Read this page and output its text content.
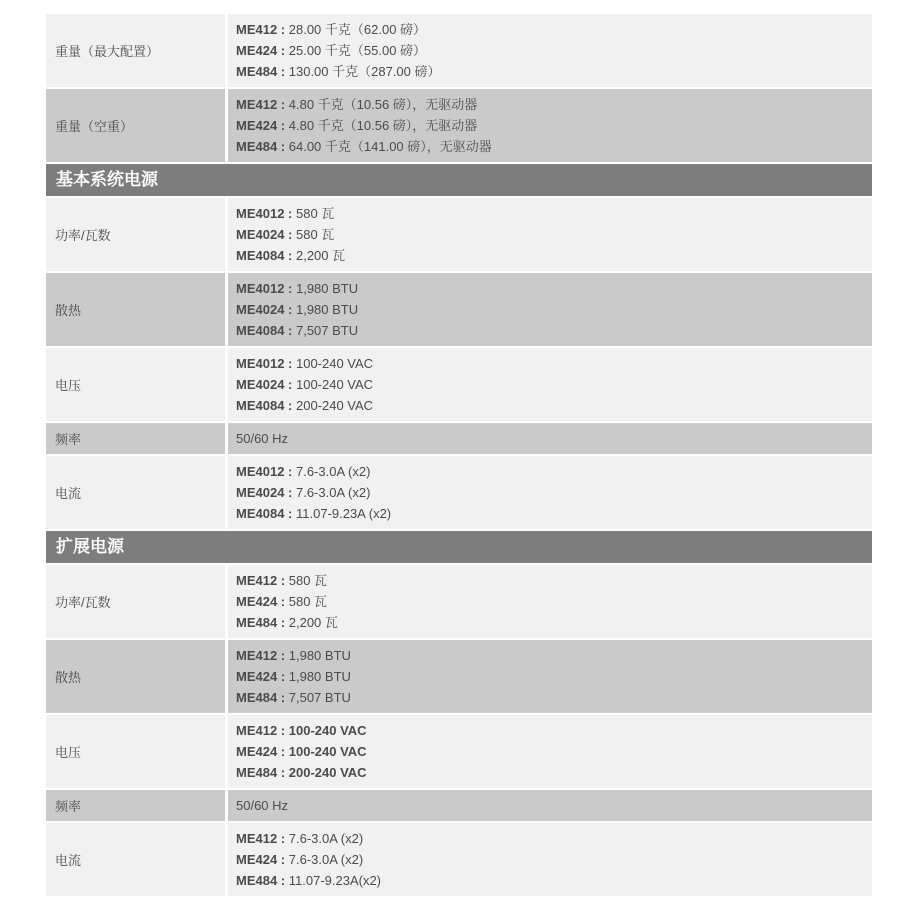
重量（最大配置）
ME412 : 28.00 千克（62.00 磅）
ME424 : 25.00 千克（55.00 磅）
ME484 : 130.00 千克（287.00 磅）
重量（空重）
ME412 : 4.80 千克（10.56 磅），无驱动器
ME424 : 4.80 千克（10.56 磅），无驱动器
ME484 : 64.00 千克（141.00 磅），无驱动器
基本系统电源
功率/瓦数
ME4012 : 580 瓦
ME4024 : 580 瓦
ME4084 : 2,200 瓦
散热
ME4012 : 1,980 BTU
ME4024 : 1,980 BTU
ME4084 : 7,507 BTU
电压
ME4012 : 100-240 VAC
ME4024 : 100-240 VAC
ME4084 : 200-240 VAC
频率	50/60 Hz
电流
ME4012 : 7.6-3.0A (x2)
ME4024 : 7.6-3.0A (x2)
ME4084 : 11.07-9.23A (x2)
扩展电源
功率/瓦数
ME412 : 580 瓦
ME424 : 580 瓦
ME484 : 2,200 瓦
散热
ME412 : 1,980 BTU
ME424 : 1,980 BTU
ME484 : 7,507 BTU
电压
ME412 : 100-240 VAC
ME424 : 100-240 VAC
ME484 : 200-240 VAC
频率	50/60 Hz
电流
ME412 : 7.6-3.0A (x2)
ME424 : 7.6-3.0A (x2)
ME484 : 11.07-9.23A(x2)
